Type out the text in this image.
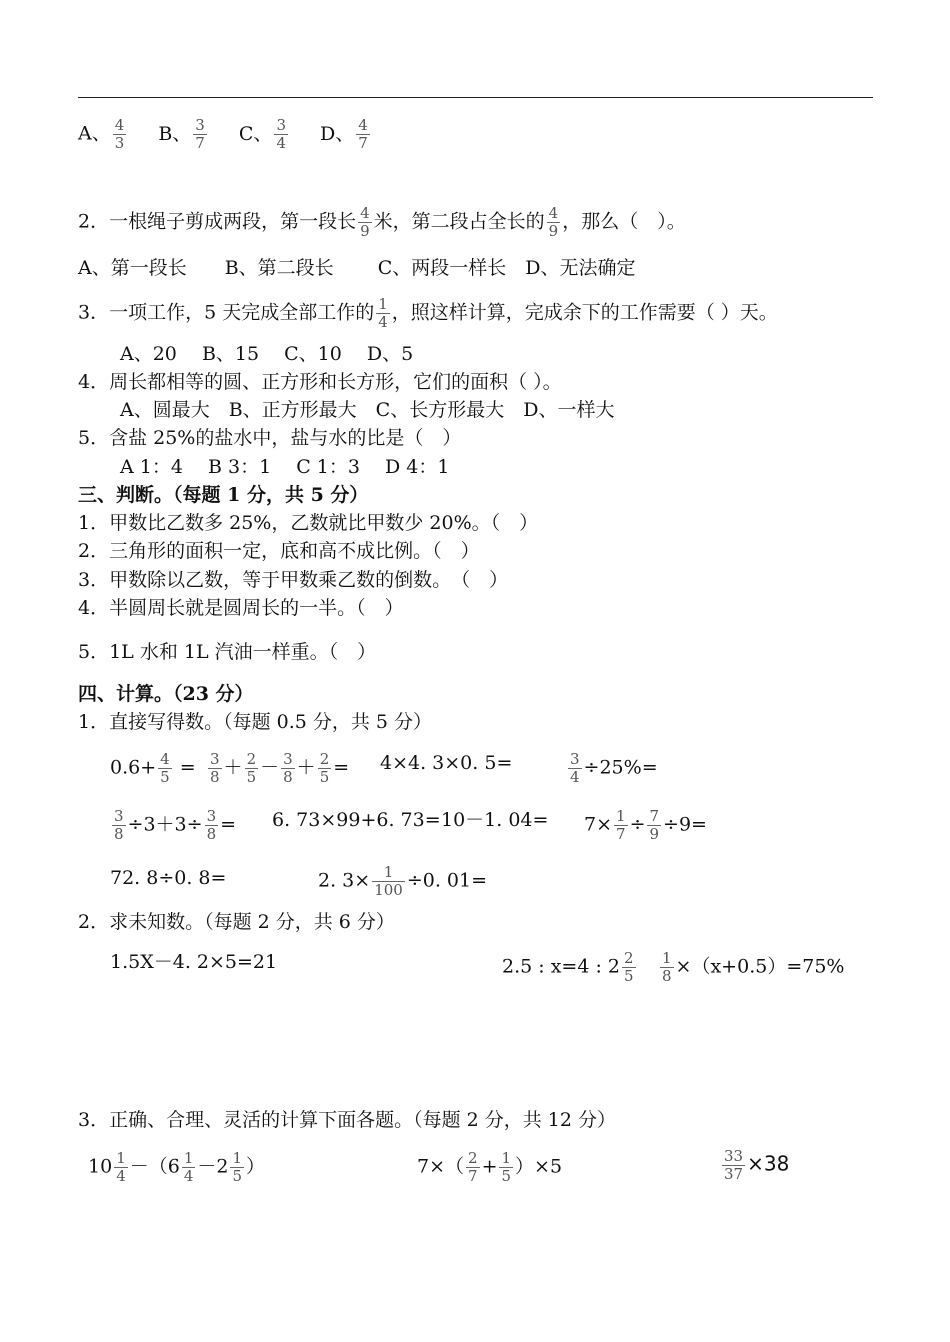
A、 $\frac{4}{3}$ B、 $\frac{3}{7}$ C、 $\frac{3}{4}$ D、 $\frac{4}{7}$
2．一根绳子剪成两段，第一段长 $\frac{4}{9}$ 米，第二段占全长的 $\frac{4}{9}$ ，那么（　）。
A、第一段长　　B、第二段长　　 C、两段一样长　D、无法确定
3．一项工作，5 天完成全部工作的 $\frac{1}{4}$ ，照这样计算，完成余下的工作需要（ ）天。
A、20　 B、15　 C、10　 D、5
4．周长都相等的圆、正方形和长方形，它们的面积（ ）。
A、圆最大　B、正方形最大　C、长方形最大　D、一样大
5．含盐 25%的盐水中，盐与水的比是（　）
A 1：4　 B 3：1　 C 1：3　 D 4：1
三、判断。（每题 1 分，共 5 分）
1．甲数比乙数多 25%，乙数就比甲数少 20%。（　）
2．三角形的面积一定，底和高不成比例。（　）
3．甲数除以乙数，等于甲数乘乙数的倒数。　（　）
4．半圆周长就是圆周长的一半。（　）
5．1L 水和 1L 汽油一样重。（　）
四、计算。（23 分）
1．直接写得数。（每题 0.5 分，共 5 分）
$0.6+ \frac{4}{5} = \frac{3}{8} + \frac{2}{5} - \frac{3}{8} + \frac{2}{5} = 4\times 4$. 3×0. 5=	$\frac{3}{4} \div 25\%=$
$\frac{3}{8} \div 3+3\div \frac{3}{8} = 6$. 73×99+6. 73= 10－1. $04= 7\times \frac{1}{7} \div \frac{7}{9} \div 9=$
72. 8÷0. 8=	2. $3\times \frac{1}{100} \div 0$. 01=
2．求未知数。（每题 2 分，共 6 分）
1.5X－4. 2×5=21	2.5 : x=4 : $2 \frac{2}{5} \frac{1}{8} \times(x+0.5)=75\%$
3．正确、合理、灵活的计算下面各题。（每题 2 分，共 12 分）
$10 \frac{1}{4} -(6 \frac{1}{4} -2 \frac{1}{5}$ ）	$7\times( \frac{2}{7} + \frac{1}{5} )\times 5$	$\frac{33}{37} \times 38$
